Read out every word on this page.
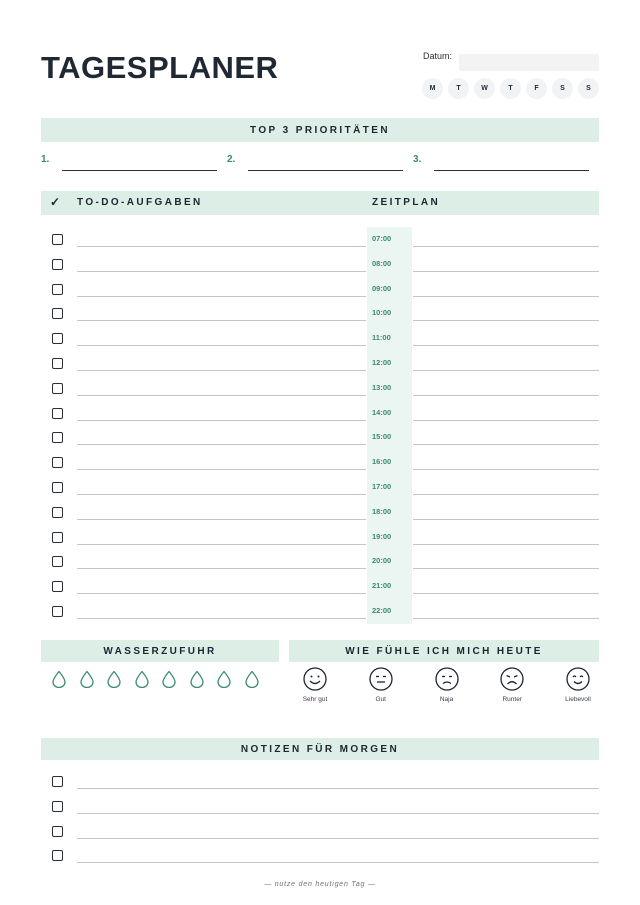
TAGESPLANER	Datum:
M	T	W	T	F	S	S
TOP 3 PRIORITÄTEN
1.	2.	3.
✓ TO-DO-AUFGABEN	ZEITPLAN
07:00
08:00
09:00
10:00
11:00
12:00
13:00
14:00
15:00
16:00
17:00
18:00
19:00
20:00
21:00
22:00
WASSERZUFUHR	WIE FÜHLE ICH MICH HEUTE
Sehr gut	Gut	Naja	Runter	Liebevoll
NOTIZEN FÜR MORGEN
— nutze den heutigen Tag —
